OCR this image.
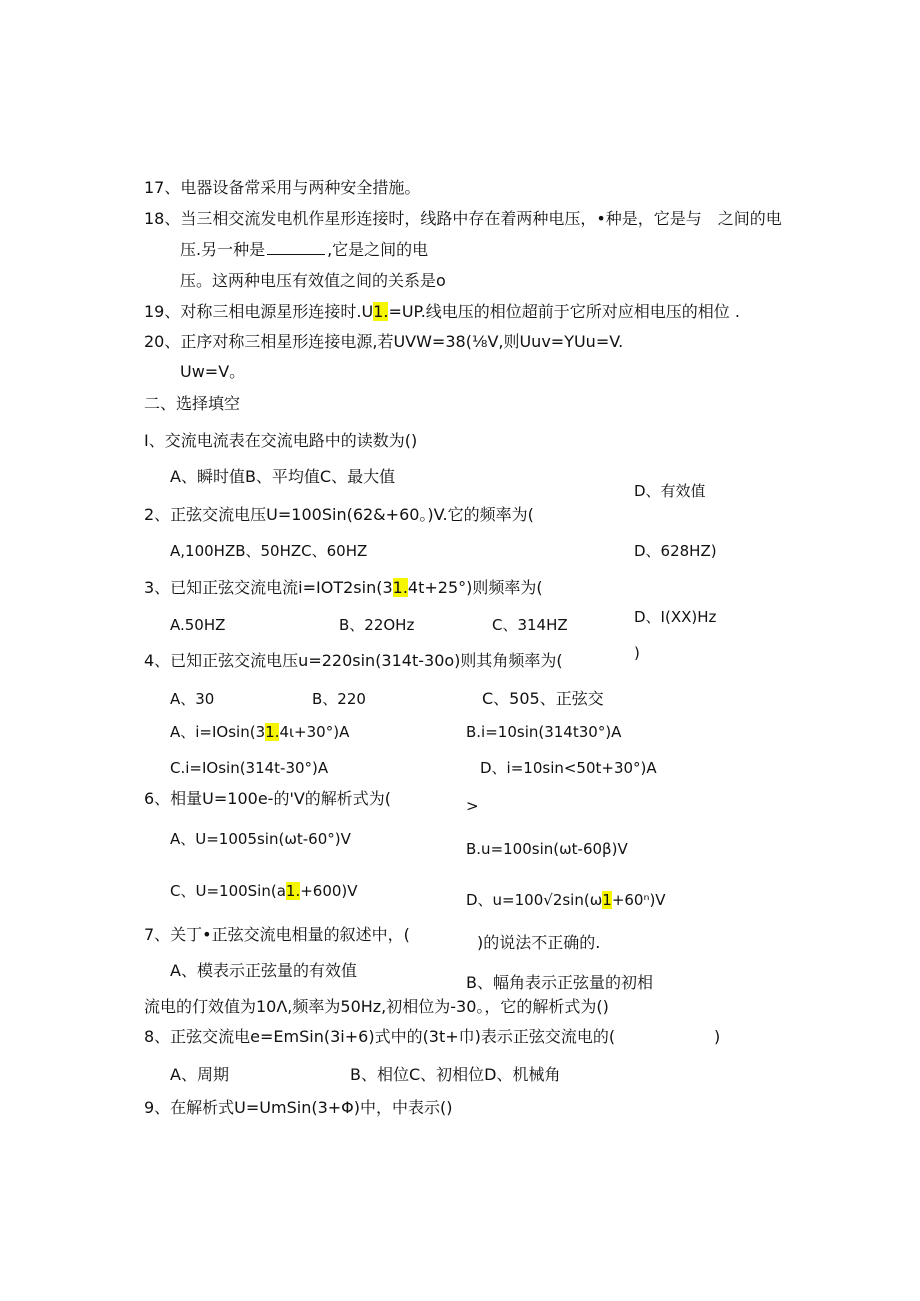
17、电器设备常采用与两种安全措施。
18、当三相交流发电机作星形连接时，线路中存在着两种电压，•种是，它是与　之间的电
压.另一种是	,它是之间的电
压。这两种电压有效值之间的关系是o
19、对称三相电源星形连接时.U1.=UP.线电压的相位超前于它所对应相电压的相位 .
20、正序对称三相星形连接电源,若UVW=38(⅛V,则Uuv=YUu=V.
Uw=V。
二、选择填空
I、交流电流表在交流电路中的读数为()
A、瞬时值B、平均值C、最大值
D、有效值
2、正弦交流电压U=100Sin(62&+60。)V.它的频率为(
A,100HZB、50HZC、60HZ	D、628HZ)
3、已知正弦交流电流i=IOT2sin(31.4t+25°)则频率为(
A.50HZ	B、22OHz	C、314HZ	D、I(XX)Hz
)
4、已知正弦交流电压u=220sin(314t-30o)则其角频率为(
A、30	B、220	C、505、正弦交
A、i=IOsin(31.4ι+30°)A	B.i=10sin(314t30°)A
C.i=IOsin(314t-30°)A	D、i=10sin<50t+30°)A
>
6、相量U=100e-的'V的解析式为(
A、U=1005sin(ωt-60°)V
B.u=100sin(ωt-60β)V
C、U=100Sin(a1.+600)V	D、u=100√2sin(ω1+60ⁿ)V
7、关丁•正弦交流电相量的叙述中，(	)的说法不正确的.
A、模表示正弦量的有效值
B、幅角表示正弦量的初相
流电的仃效值为10Λ,频率为50Hz,初相位为-30。，它的解析式为()
8、正弦交流电e=EmSin(3i+6)式中的(3t+巾)表示正弦交流电的(	)
A、周期	B、相位C、初相位D、机械角
9、在解析式U=UmSin(3+Φ)中，中表示()
